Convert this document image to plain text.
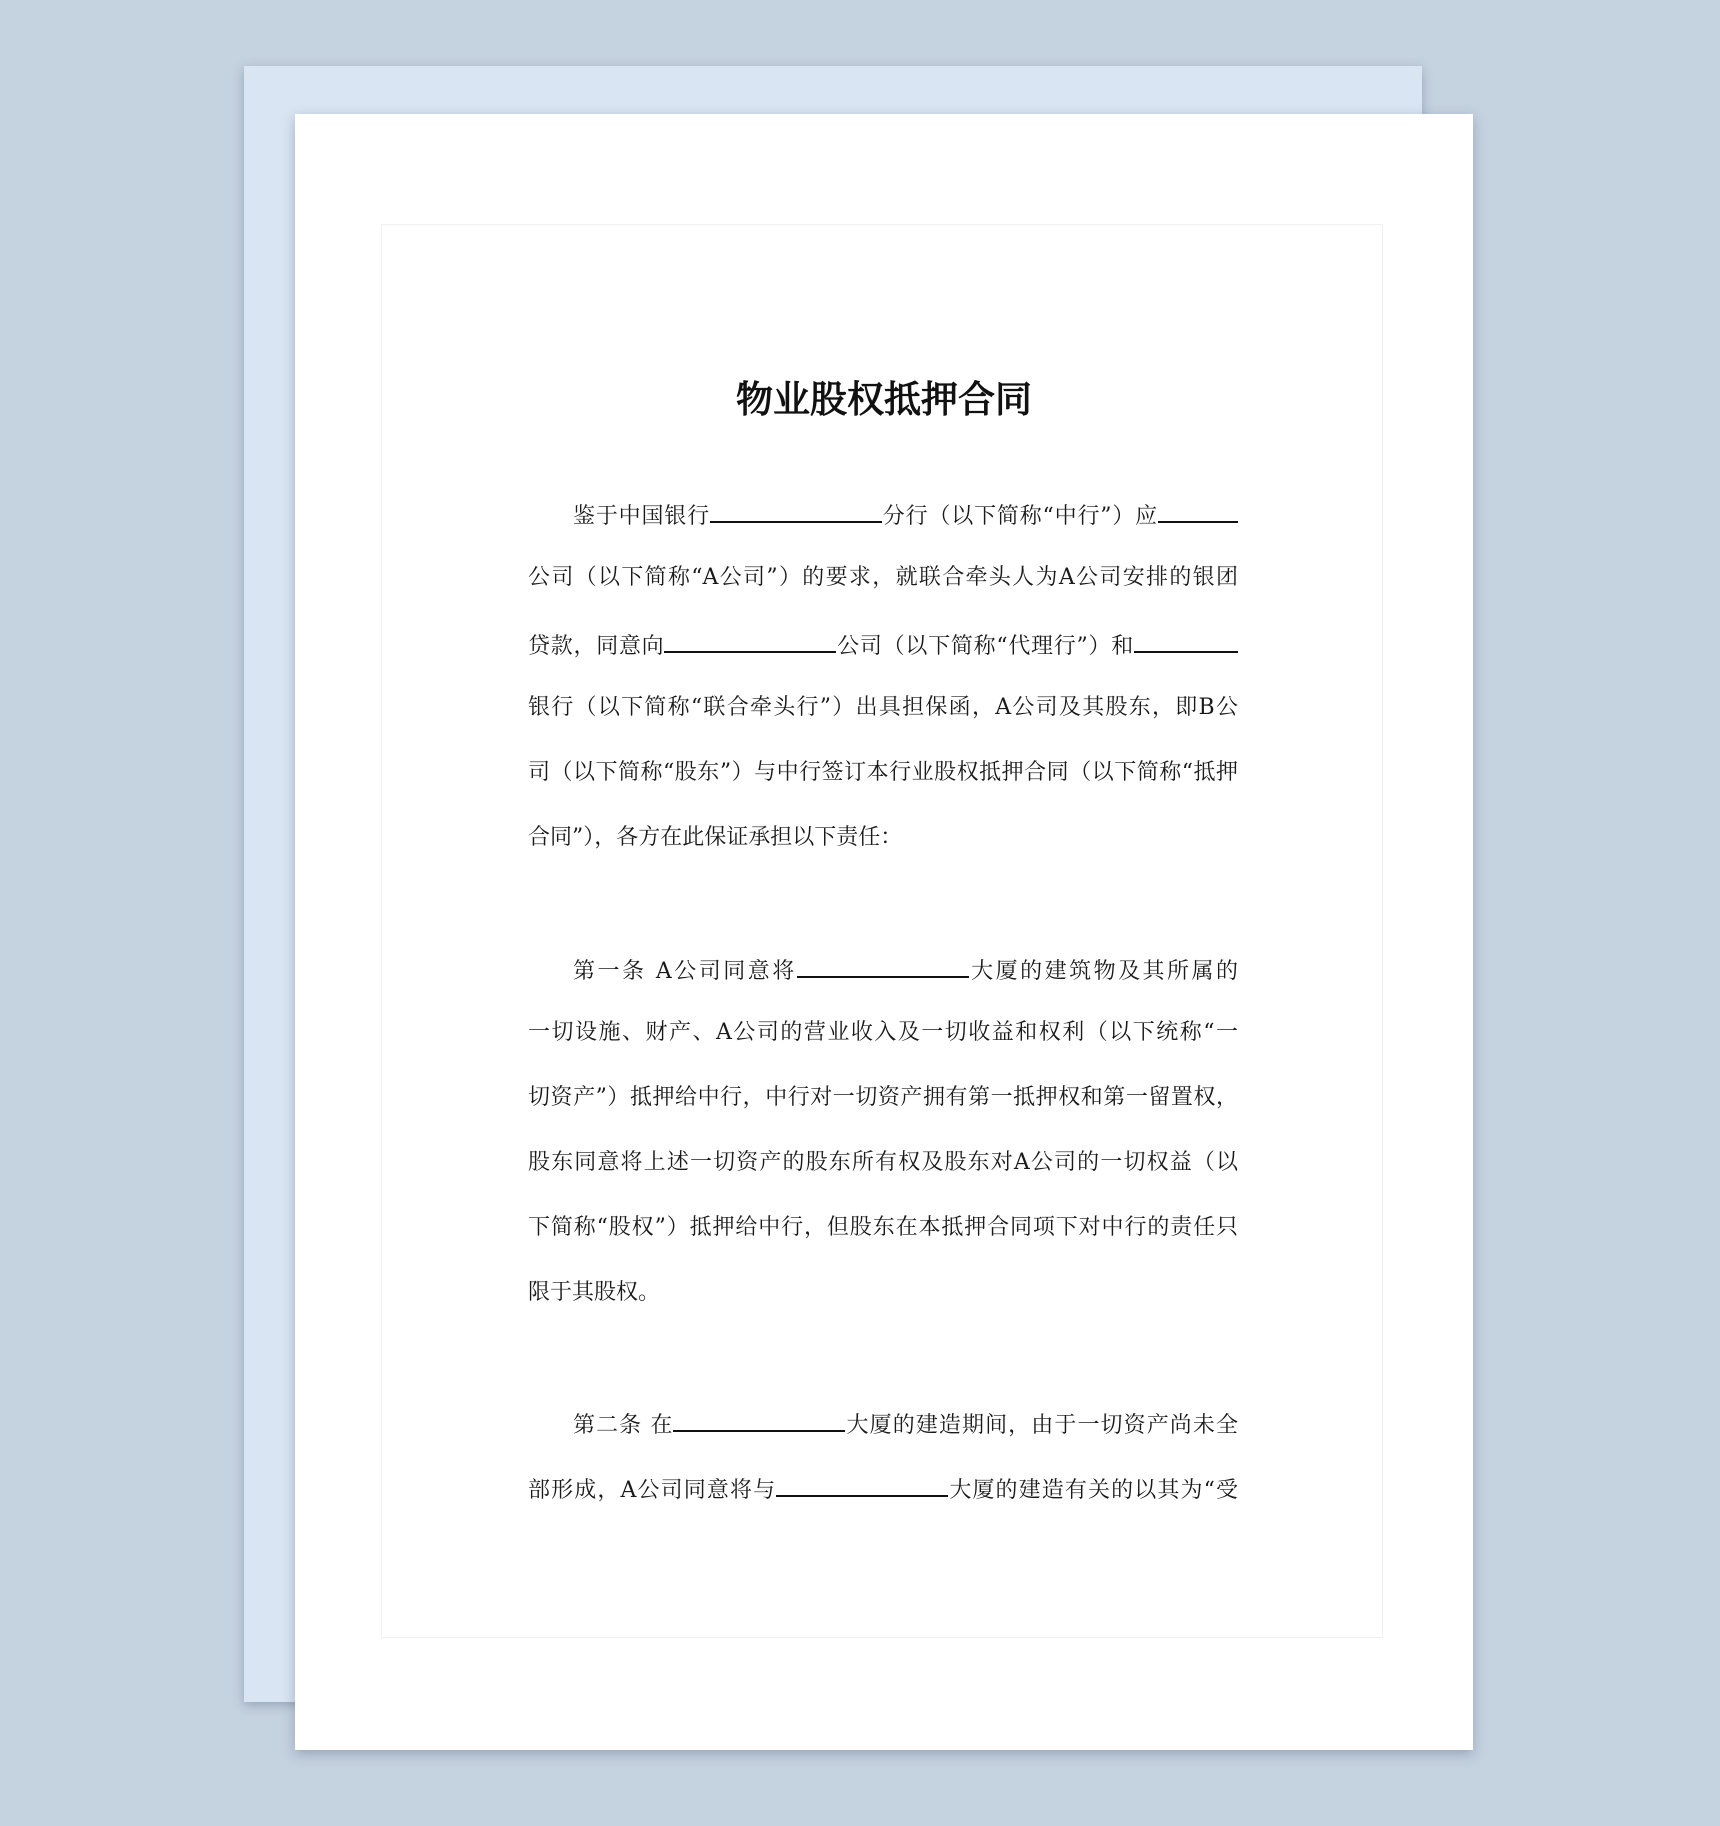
物业股权抵押合同
鉴于中国银行	分行（以下简称“中行”）应
公司（以下简称“A公司”）的要求，就联合牵头人为A公司安排的银团
贷款，同意向	公司（以下简称“代理行”）和
银行（以下简称“联合牵头行”）出具担保函，A公司及其股东，即B公
司（以下简称“股东”）与中行签订本行业股权抵押合同（以下简称“抵押
合同”），各方在此保证承担以下责任：
第一条 A公司同意将	大厦的建筑物及其所属的
一切设施、财产、A公司的营业收入及一切收益和权利（以下统称“一
切资产”）抵押给中行，中行对一切资产拥有第一抵押权和第一留置权，
股东同意将上述一切资产的股东所有权及股东对A公司的一切权益（以
下简称“股权”）抵押给中行，但股东在本抵押合同项下对中行的责任只
限于其股权。
第二条 在	大厦的建造期间，由于一切资产尚未全
部形成，A公司同意将与	大厦的建造有关的以其为“受
